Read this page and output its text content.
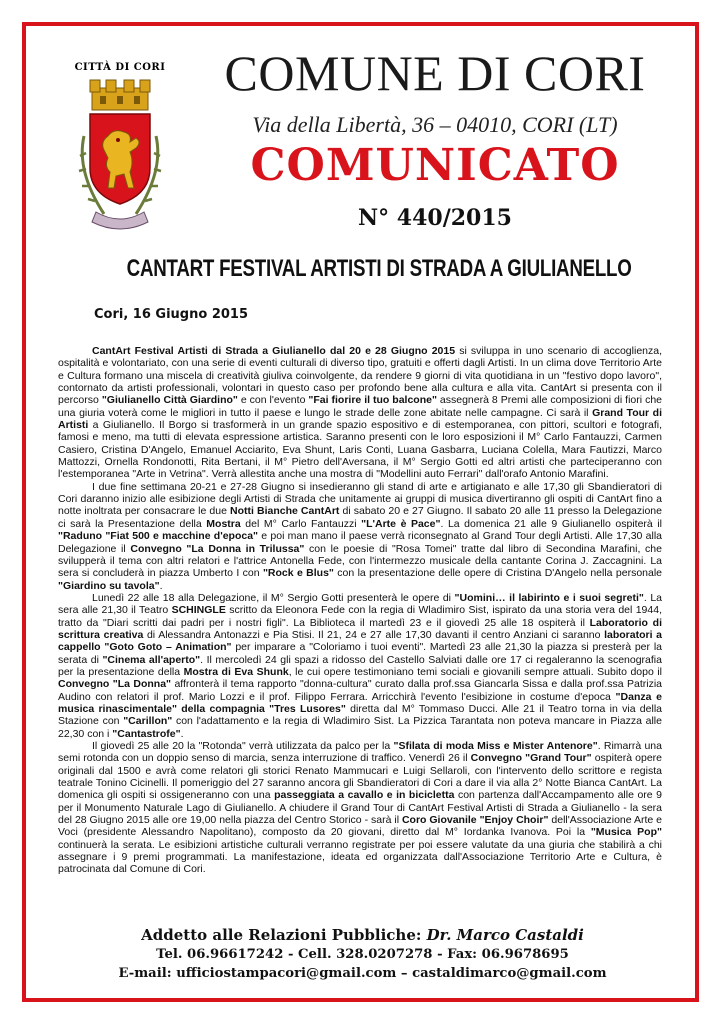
CITTÀ DI CORI	COMUNE DI CORI
Via della Libertà, 36 – 04010, CORI (LT)
COMUNICATO
N° 440/2015
CANTART FESTIVAL ARTISTI DI STRADA A GIULIANELLO
Cori, 16 Giugno 2015

CantArt Festival Artisti di Strada a Giulianello dal 20 e 28 Giugno 2015 si sviluppa in uno scenario di accoglienza, ospitalità e volontariato, con una serie di eventi culturali di diverso tipo, gratuiti e offerti dagli Artisti. In un clima dove Territorio Arte e Cultura formano una miscela di creatività giuliva coinvolgente, da rendere 9 giorni di vita quotidiana in un "festivo dopo lavoro", contornato da artisti professionali, volontari in questo caso per profondo bene alla cultura e alla vita. CantArt si presenta con il percorso "Giulianello Città Giardino" e con l'evento "Fai fiorire il tuo balcone" assegnerà 8 Premi alle composizioni di fiori che una giuria voterà come le migliori in tutto il paese e lungo le strade delle zone abitate nelle campagne. Ci sarà il Grand Tour di Artisti a Giulianello. Il Borgo si trasformerà in un grande spazio espositivo e di estemporanea, con pittori, scultori e fotografi, famosi e meno, ma tutti di elevata espressione artistica. Saranno presenti con le loro esposizioni il M° Carlo Fantauzzi, Carmen Casiero, Cristina D'Angelo, Emanuel Acciarito, Eva Shunt, Laris Conti, Luana Gasbarra, Luciana Colella, Mara Fautizzi, Marco Mattozzi, Ornella Rondonotti, Rita Bertani, il M° Pietro dell'Aversana, il M° Sergio Gotti ed altri artisti che parteciperanno con l'estemporanea "Arte in Vetrina". Verrà allestita anche una mostra di "Modellini auto Ferrari" dall'orafo Antonio Marafini.

I due fine settimana 20-21 e 27-28 Giugno si insedieranno gli stand di arte e artigianato e alle 17,30 gli Sbandieratori di Cori daranno inizio alle esibizione degli Artisti di Strada che unitamente ai gruppi di musica divertiranno gli ospiti di CantArt fino a notte inoltrata per consacrare le due Notti Bianche CantArt di sabato 20 e 27 Giugno. Il sabato 20 alle 11 presso la Delegazione ci sarà la Presentazione della Mostra del M° Carlo Fantauzzi "L'Arte è Pace". La domenica 21 alle 9 Giulianello ospiterà il "Raduno "Fiat 500 e macchine d'epoca" e poi man mano il paese verrà riconsegnato al Grand Tour degli Artisti. Alle 17,30 alla Delegazione il Convegno "La Donna in Trilussa" con le poesie di "Rosa Tomei" tratte dal libro di Secondina Marafini, che svilupperà il tema con altri relatori e l'attrice Antonella Fede, con l'intermezzo musicale della cantante Corina J. Zaccagnini. La sera si concluderà in piazza Umberto I con "Rock e Blus" con la presentazione delle opere di Cristina D'Angelo nella personale "Giardino su tavola".

Lunedì 22 alle 18 alla Delegazione, il M° Sergio Gotti presenterà le opere di "Uomini… il labirinto e i suoi segreti". La sera alle 21,30 il Teatro SCHINGLE scritto da Eleonora Fede con la regia di Wladimiro Sist, ispirato da una storia vera del 1944, tratto da "Diari scritti dai padri per i nostri figli". La Biblioteca il martedì 23 e il giovedì 25 alle 18 ospiterà il Laboratorio di scrittura creativa di Alessandra Antonazzi e Pia Stisi. Il 21, 24 e 27 alle 17,30 davanti il centro Anziani ci saranno laboratori a cappello "Goto Goto – Animation" per imparare a "Coloriamo i tuoi eventi". Martedì 23 alle 21,30 la piazza si presterà per la serata di "Cinema all'aperto". Il mercoledì 24 gli spazi a ridosso del Castello Salviati dalle ore 17 ci regaleranno la scenografia per la presentazione della Mostra di Eva Shunk, le cui opere testimoniano temi sociali e giovanili sempre attuali. Subito dopo il Convegno "La Donna" affronterà il tema rapporto "donna-cultura" curato dalla prof.ssa Giancarla Sissa e dalla prof.ssa Patrizia Audino con relatori il prof. Mario Lozzi e il prof. Filippo Ferrara. Arricchirà l'evento l'esibizione in costume d'epoca "Danza e musica rinascimentale" della compagnia "Tres Lusores" diretta dal M° Tommaso Ducci. Alle 21 il Teatro torna in via della Stazione con "Carillon" con l'adattamento e la regia di Wladimiro Sist. La Pizzica Tarantata non poteva mancare in Piazza alle 22,30 con i "Cantastrofe".

Il giovedì 25 alle 20 la "Rotonda" verrà utilizzata da palco per la "Sfilata di moda Miss e Mister Antenore". Rimarrà una semi rotonda con un doppio senso di marcia, senza interruzione di traffico. Venerdì 26 il Convegno "Grand Tour" ospiterà opere originali dal 1500 e avrà come relatori gli storici Renato Mammucari e Luigi Sellaroli, con l'intervento dello scrittore e regista teatrale Tonino Cicinelli. Il pomeriggio del 27 saranno ancora gli Sbandieratori di Cori a dare il via alla 2° Notte Bianca CantArt. La domenica gli ospiti si ossigeneranno con una passeggiata a cavallo e in bicicletta con partenza dall'Accampamento alle ore 9 per il Monumento Naturale Lago di Giulianello. A chiudere il Grand Tour di CantArt Festival Artisti di Strada a Giulianello - la sera del 28 Giugno 2015 alle ore 19,00 nella piazza del Centro Storico - sarà il Coro Giovanile "Enjoy Choir" dell'Associazione Arte e Voci (presidente Alessandro Napolitano), composto da 20 giovani, diretto dal M° Iordanka Ivanova. Poi la "Musica Pop" continuerà la serata. Le esibizioni artistiche culturali verranno registrate per poi essere valutate da una giuria che stabilirà a chi assegnare i 9 premi programmati. La manifestazione, ideata ed organizzata dall'Associazione Territorio Arte e Cultura, è patrocinata dal Comune di Cori.

Addetto alle Relazioni Pubbliche: Dr. Marco Castaldi
Tel. 06.96617242 - Cell. 328.0207278 - Fax: 06.9678695
E-mail: ufficiostampacori@gmail.com – castaldimarco@gmail.com
